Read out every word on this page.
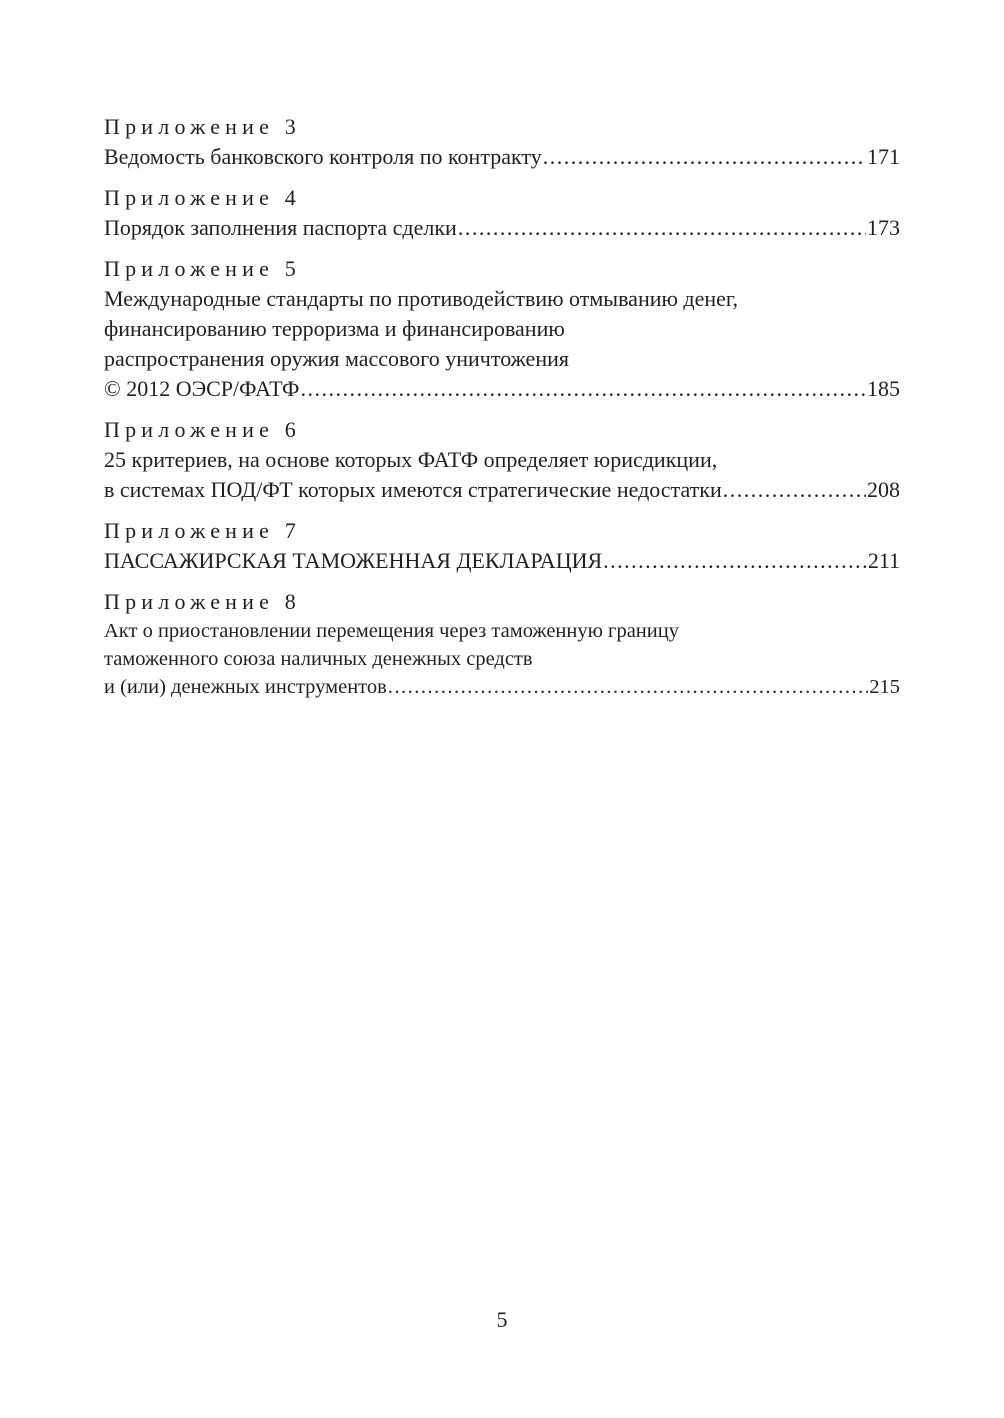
Приложение 3
Ведомость банковского контроля по контракту .....	171
Приложение 4
Порядок заполнения паспорта сделки .....	173
Приложение 5
Международные стандарты по противодействию отмыванию денег,
финансированию терроризма и финансированию
распространения оружия массового уничтожения
© 2012 ОЭСР/ФАТФ .....	185
Приложение 6
25 критериев, на основе которых ФАТФ определяет юрисдикции,
в системах ПОД/ФТ которых имеются стратегические недостатки .....	208
Приложение 7
ПАССАЖИРСКАЯ ТАМОЖЕННАЯ ДЕКЛАРАЦИЯ .....	211
Приложение 8
Акт о приостановлении перемещения через таможенную границу
таможенного союза наличных денежных средств
и (или) денежных инструментов .....	215
5
